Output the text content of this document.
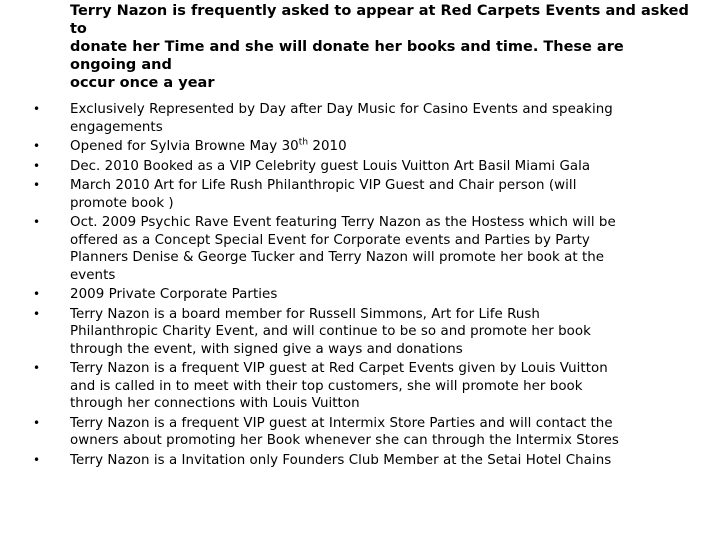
Terry Nazon is frequently asked to appear at Red Carpets Events and asked to
donate her Time and she will donate her books and time. These are ongoing and
occur once a year

•	Exclusively Represented by Day after Day Music for Casino Events and speaking
engagements
•	Opened for Sylvia Browne May 30th 2010
•	Dec. 2010 Booked as a VIP Celebrity guest Louis Vuitton Art Basil Miami Gala
•	March 2010 Art for Life Rush Philanthropic VIP Guest and Chair person (will
promote book )
•	Oct. 2009 Psychic Rave Event featuring Terry Nazon as the Hostess which will be
offered as a Concept Special Event for Corporate events and Parties by Party
Planners Denise & George Tucker and Terry Nazon will promote her book at the
events
•	2009 Private Corporate Parties
•	Terry Nazon is a board member for Russell Simmons, Art for Life Rush
Philanthropic Charity Event, and will continue to be so and promote her book
through the event, with signed give a ways and donations
•	Terry Nazon is a frequent VIP guest at Red Carpet Events given by Louis Vuitton
and is called in to meet with their top customers, she will promote her book
through her connections with Louis Vuitton
•	Terry Nazon is a frequent VIP guest at Intermix Store Parties and will contact the
owners about promoting her Book whenever she can through the Intermix Stores
•	Terry Nazon is a Invitation only Founders Club Member at the Setai Hotel Chains
